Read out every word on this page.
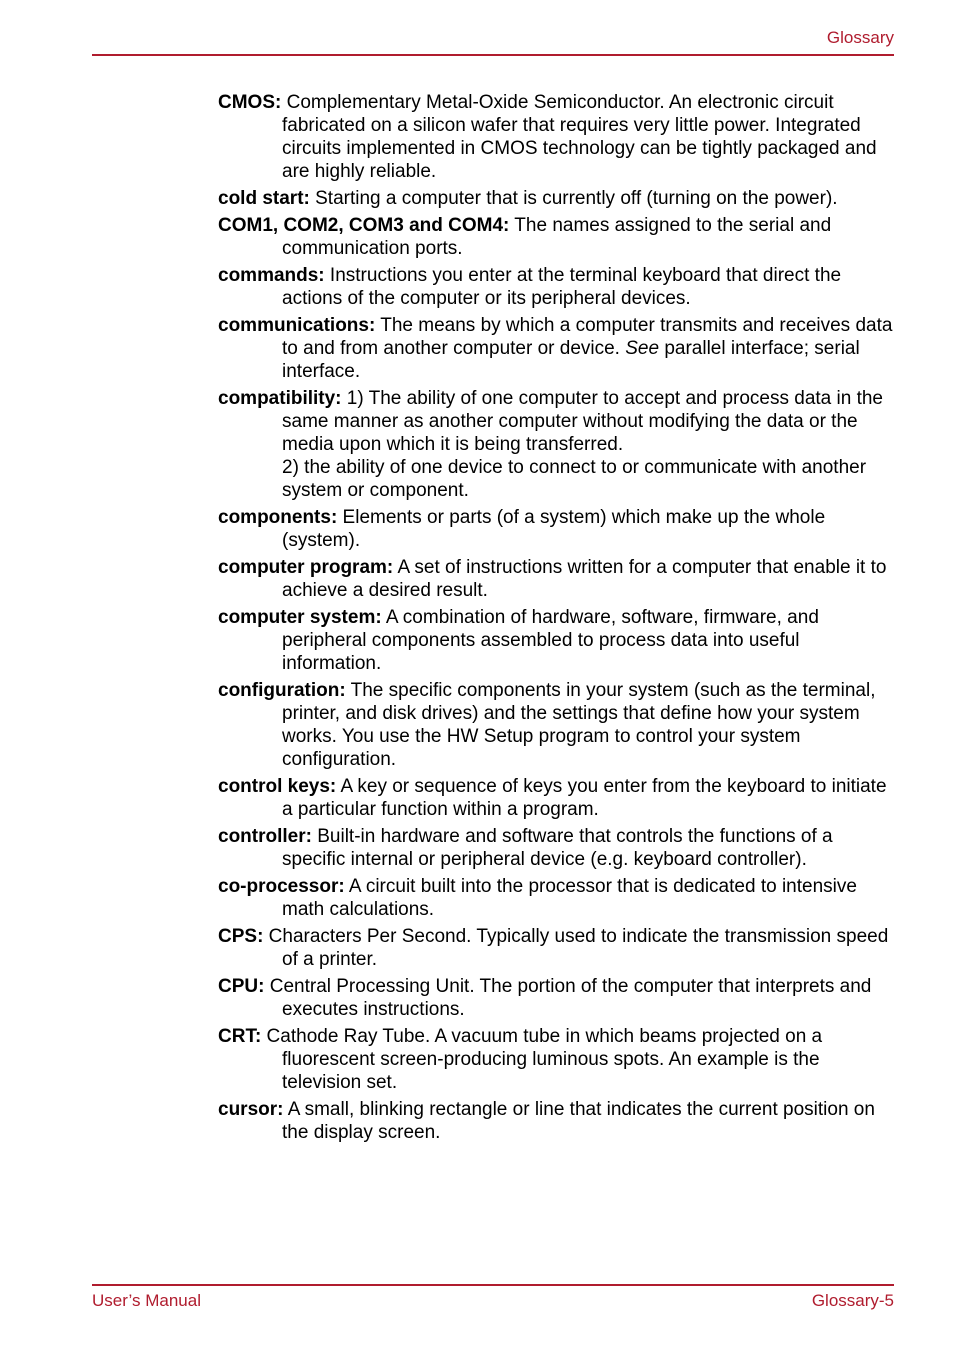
Glossary

CMOS: Complementary Metal-Oxide Semiconductor. An electronic circuit fabricated on a silicon wafer that requires very little power. Integrated circuits implemented in CMOS technology can be tightly packaged and are highly reliable.

cold start: Starting a computer that is currently off (turning on the power).

COM1, COM2, COM3 and COM4: The names assigned to the serial and communication ports.

commands: Instructions you enter at the terminal keyboard that direct the actions of the computer or its peripheral devices.

communications: The means by which a computer transmits and receives data to and from another computer or device. See parallel interface; serial interface.

compatibility: 1) The ability of one computer to accept and process data in the same manner as another computer without modifying the data or the media upon which it is being transferred.
2) the ability of one device to connect to or communicate with another system or component.

components: Elements or parts (of a system) which make up the whole (system).

computer program: A set of instructions written for a computer that enable it to achieve a desired result.

computer system: A combination of hardware, software, firmware, and peripheral components assembled to process data into useful information.

configuration: The specific components in your system (such as the terminal, printer, and disk drives) and the settings that define how your system works. You use the HW Setup program to control your system configuration.

control keys: A key or sequence of keys you enter from the keyboard to initiate a particular function within a program.

controller: Built-in hardware and software that controls the functions of a specific internal or peripheral device (e.g. keyboard controller).

co-processor: A circuit built into the processor that is dedicated to intensive math calculations.

CPS: Characters Per Second. Typically used to indicate the transmission speed of a printer.

CPU: Central Processing Unit. The portion of the computer that interprets and executes instructions.

CRT: Cathode Ray Tube. A vacuum tube in which beams projected on a fluorescent screen-producing luminous spots. An example is the television set.

cursor: A small, blinking rectangle or line that indicates the current position on the display screen.

User’s Manual	Glossary-5
